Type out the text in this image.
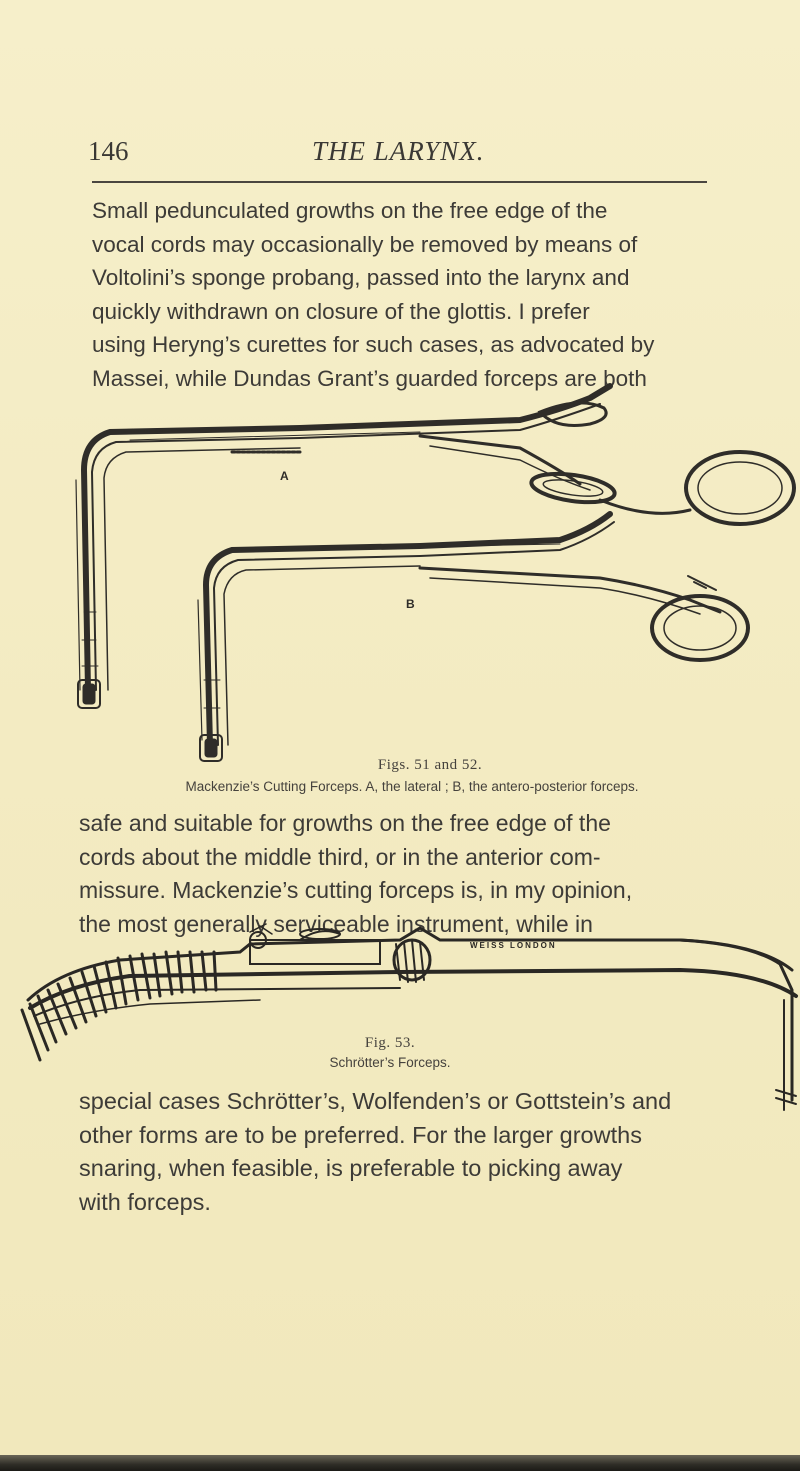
146	THE LARYNX.
Small pedunculated growths on the free edge of the
vocal cords may occasionally be removed by means of
Voltolini’s sponge probang, passed into the larynx and
quickly withdrawn on closure of the glottis. I prefer
using Heryng’s curettes for such cases, as advocated by
Massei, while Dundas Grant’s guarded forceps are both
A
B
Figs. 51 and 52.
Mackenzie’s Cutting Forceps. A, the lateral ; B, the antero-posterior forceps.
safe and suitable for growths on the free edge of the
cords about the middle third, or in the anterior com-
missure. Mackenzie’s cutting forceps is, in my opinion,
the most generally serviceable instrument, while in
WEISS LONDON
Fig. 53.
Schrötter’s Forceps.
special cases Schrötter’s, Wolfenden’s or Gottstein’s and
other forms are to be preferred. For the larger growths
snaring, when feasible, is preferable to picking away
with forceps.
